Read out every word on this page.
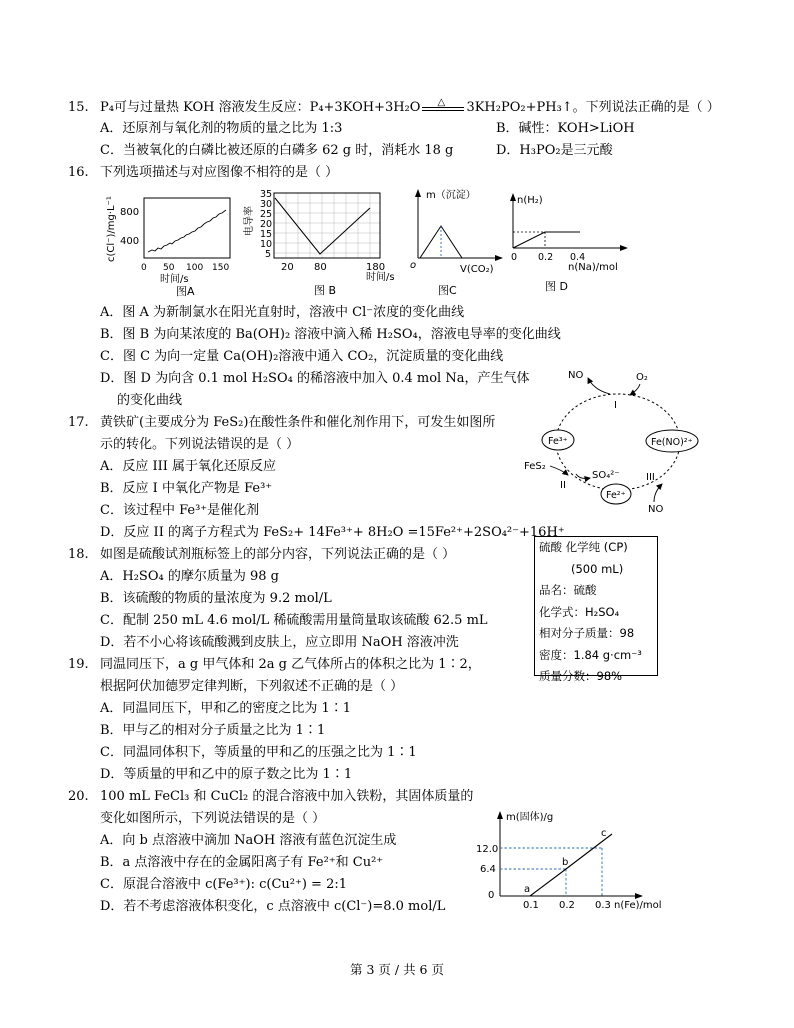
15. P₄可与过量热 KOH 溶液发生反应：P₄+3KOH+3H₂O △ 3KH₂PO₂+PH₃↑。下列说法正确的是（ ）
A．还原剂与氧化剂的物质的量之比为 1:3	B．碱性：KOH>LiOH
C．当被氧化的白磷比被还原的白磷多 62 g 时，消耗水 18 g	D．H₃PO₂是三元酸
16. 下列选项描述与对应图像不相符的是（ ）
c(Cl⁻)/mg·L⁻¹ 800
400
0 50 100 150
时间/s
图A
电导率
35
30
25
20
15
10
5
20 80	180
时间/s
图 B
m（沉淀）
o	V(CO₂)
图C
n(H₂)
0 0.2 0.4
n(Na)/mol
图 D
A．图 A 为新制氯水在阳光直射时，溶液中 Cl⁻浓度的变化曲线
B．图 B 为向某浓度的 Ba(OH)₂ 溶液中滴入稀 H₂SO₄，溶液电导率的变化曲线
C．图 C 为向一定量 Ca(OH)₂溶液中通入 CO₂，沉淀质量的变化曲线
D．图 D 为向含 0.1 mol H₂SO₄ 的稀溶液中加入 0.4 mol Na，产生气体
的变化曲线
NO	O₂
I
Fe³⁺	Fe(NO)²⁺
FeS₂
SO₄²⁻
II
Fe²⁺
III
NO
17. 黄铁矿(主要成分为 FeS₂)在酸性条件和催化剂作用下，可发生如图所
示的转化。下列说法错误的是（ ）
A．反应 III 属于氧化还原反应
B．反应 I 中氧化产物是 Fe³⁺
C．该过程中 Fe³⁺是催化剂
D．反应 II 的离子方程式为 FeS₂+ 14Fe³⁺+ 8H₂O =15Fe²⁺+2SO₄²⁻+16H⁺
18. 如图是硫酸试剂瓶标签上的部分内容，下列说法正确的是（ ）
A．H₂SO₄ 的摩尔质量为 98 g
B．该硫酸的物质的量浓度为 9.2 mol/L
C．配制 250 mL 4.6 mol/L 稀硫酸需用量筒量取该硫酸 62.5 mL
D．若不小心将该硫酸溅到皮肤上，应立即用 NaOH 溶液冲洗
硫酸 化学纯 (CP)
(500 mL)
品名：硫酸
化学式：H₂SO₄
相对分子质量：98
密度：1.84 g·cm⁻³
质量分数：98%
19. 同温同压下，a g 甲气体和 2a g 乙气体所占的体积之比为 1∶2，
根据阿伏加德罗定律判断，下列叙述不正确的是（ ）
A．同温同压下，甲和乙的密度之比为 1∶1
B．甲与乙的相对分子质量之比为 1∶1
C．同温同体积下，等质量的甲和乙的压强之比为 1∶1
D．等质量的甲和乙中的原子数之比为 1∶1
20. 100 mL FeCl₃ 和 CuCl₂ 的混合溶液中加入铁粉，其固体质量的
变化如图所示，下列说法错误的是（ ）
A．向 b 点溶液中滴加 NaOH 溶液有蓝色沉淀生成
B．a 点溶液中存在的金属阳离子有 Fe²⁺和 Cu²⁺
C．原混合溶液中 c(Fe³⁺): c(Cu²⁺) = 2:1
D．若不考虑溶液体积变化，c 点溶液中 c(Cl⁻)=8.0 mol/L
m(固体)/g
12.0
6.4
0
a
b
c
0.1 0.2 0.3 n(Fe)/mol
第 3 页 / 共 6 页
